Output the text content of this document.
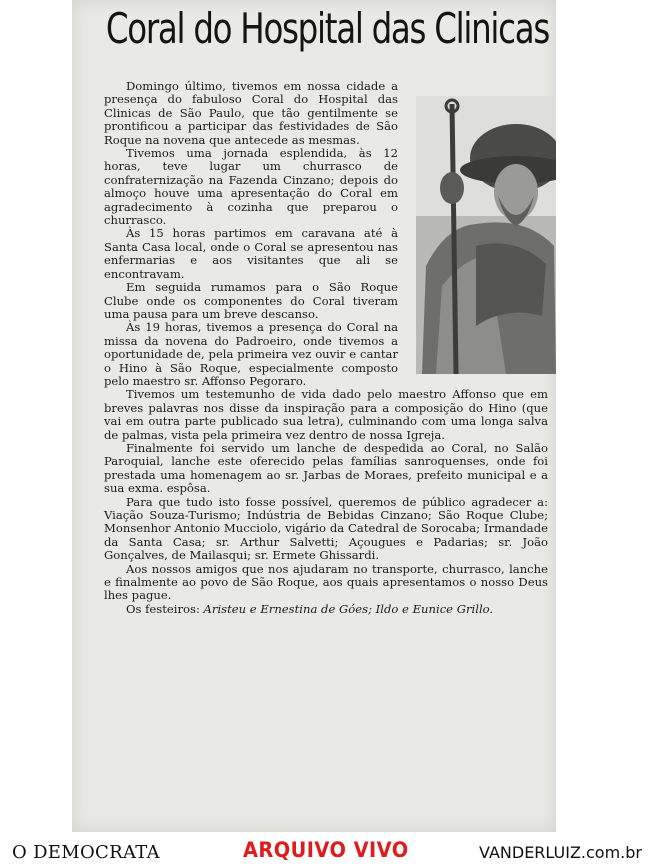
Coral do Hospital das Clinicas

Domingo último, tivemos em nossa cidade a presença do fabuloso Coral do Hospital das Clinicas de São Paulo, que tão gentilmente se prontificou a participar das festividades de São Roque na novena que antecede as mesmas.

Tivemos uma jornada esplendida, às 12 horas, teve lugar um churrasco de confraternização na Fazenda Cinzano; depois do almoço houve uma apresentação do Coral em agradecimento à cozinha que preparou o churrasco.

Às 15 horas partimos em caravana até à Santa Casa local, onde o Coral se apresentou nas enfermarias e aos visitantes que ali se encontravam.

Em seguida rumamos para o São Roque Clube onde os componentes do Coral tiveram uma pausa para um breve descanso.

Às 19 horas, tivemos a presença do Coral na missa da novena do Padroeiro, onde tivemos a oportunidade de, pela primeira vez ouvir e cantar o Hino à São Roque, especialmente composto pelo maestro sr. Affonso Pegoraro.

Tivemos um testemunho de vida dado pelo maestro Affonso que em breves palavras nos disse da inspiração para a composição do Hino (que vai em outra parte publicado sua letra), culminando com uma longa salva de palmas, vista pela primeira vez dentro de nossa Igreja.

Finalmente foi servido um lanche de despedida ao Coral, no Salão Paroquial, lanche este oferecido pelas famílias sanroquenses, onde foi prestada uma homenagem ao sr. Jarbas de Moraes, prefeito municipal e a sua exma. espôsa.

Para que tudo isto fosse possível, queremos de público agradecer a: Viação Souza-Turismo; Indústria de Bebidas Cinzano; São Roque Clube; Monsenhor Antonio Mucciolo, vigário da Catedral de Sorocaba; Irmandade da Santa Casa; sr. Arthur Salvetti; Açougues e Padarias; sr. João Gonçalves, de Mailasqui; sr. Ermete Ghissardi.

Aos nossos amigos que nos ajudaram no transporte, churrasco, lanche e finalmente ao povo de São Roque, aos quais apresentamos o nosso Deus lhes pague.

Os festeiros: Aristeu e Ernestina de Góes; Ildo e Eunice Grillo.

O DEMOCRATA	ARQUIVO VIVO	VANDERLUIZ.com.br
